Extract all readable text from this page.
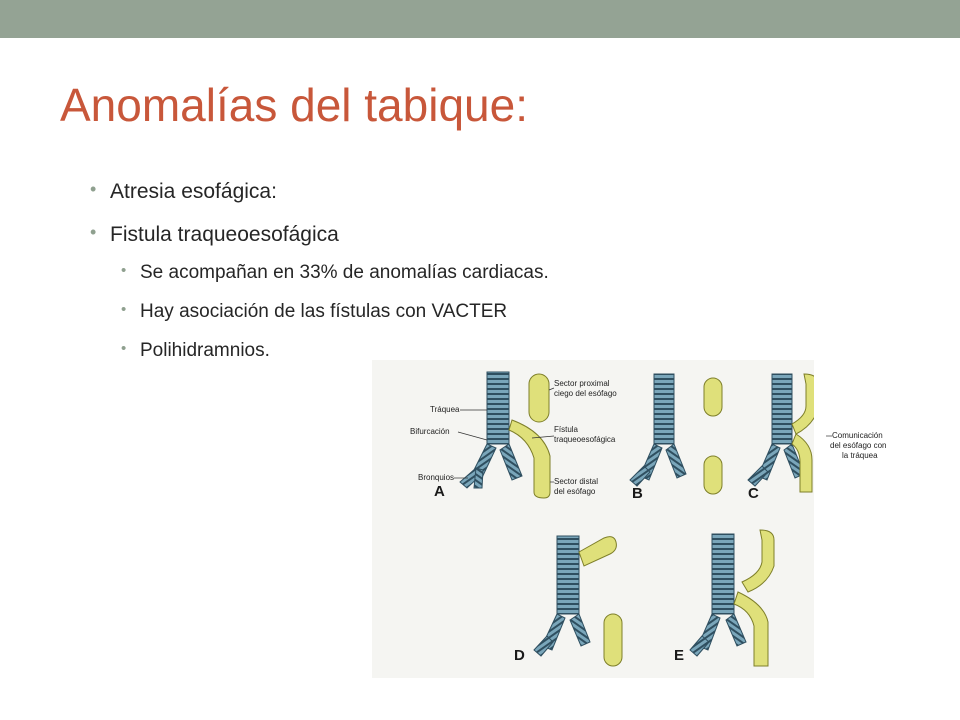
Anomalías del tabique:
• Atresia esofágica:
• Fistula traqueoesofágica
• Se acompañan en 33% de anomalías cardiacas.
• Hay asociación de las fístulas con VACTER
• Polihidramnios.
Tráquea
Bifurcación
Bronquios
Sector proximal
ciego del esófago
Fístula
traqueoesofágica
Sector distal
del esófago
A	B	C
D	E
Comunicación
del esófago con
la tráquea
